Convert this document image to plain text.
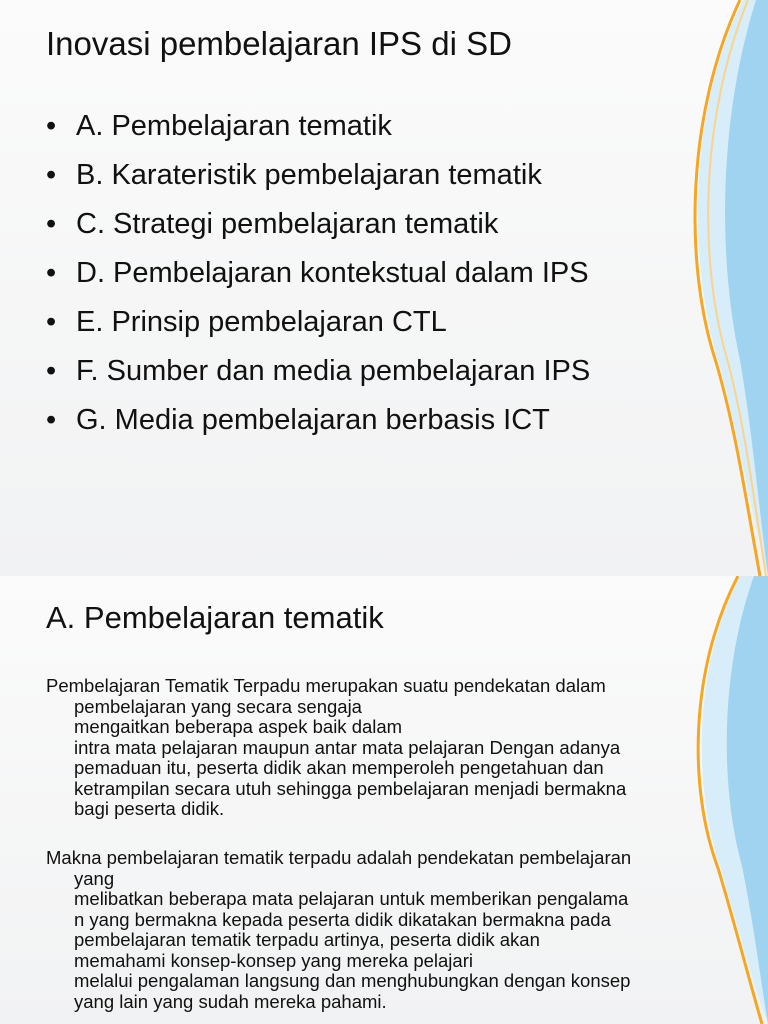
Inovasi pembelajaran IPS di SD
• A. Pembelajaran tematik
• B. Karateristik pembelajaran tematik
• C. Strategi pembelajaran tematik
• D. Pembelajaran kontekstual dalam IPS
• E. Prinsip pembelajaran CTL
• F. Sumber dan media pembelajaran IPS
• G. Media pembelajaran berbasis ICT
A. Pembelajaran tematik

Pembelajaran Tematik Terpadu merupakan suatu pendekatan dalam
pembelajaran yang secara sengaja
mengaitkan beberapa aspek baik dalam
intra mata pelajaran maupun antar mata pelajaran Dengan adanya
pemaduan itu, peserta didik akan memperoleh pengetahuan dan
ketrampilan secara utuh sehingga pembelajaran menjadi bermakna
bagi peserta didik.

Makna pembelajaran tematik terpadu adalah pendekatan pembelajaran
yang
melibatkan beberapa mata pelajaran untuk memberikan pengalama
n yang bermakna kepada peserta didik dikatakan bermakna pada
pembelajaran tematik terpadu artinya, peserta didik akan
memahami konsep-konsep yang mereka pelajari
melalui pengalaman langsung dan menghubungkan dengan konsep
yang lain yang sudah mereka pahami.
